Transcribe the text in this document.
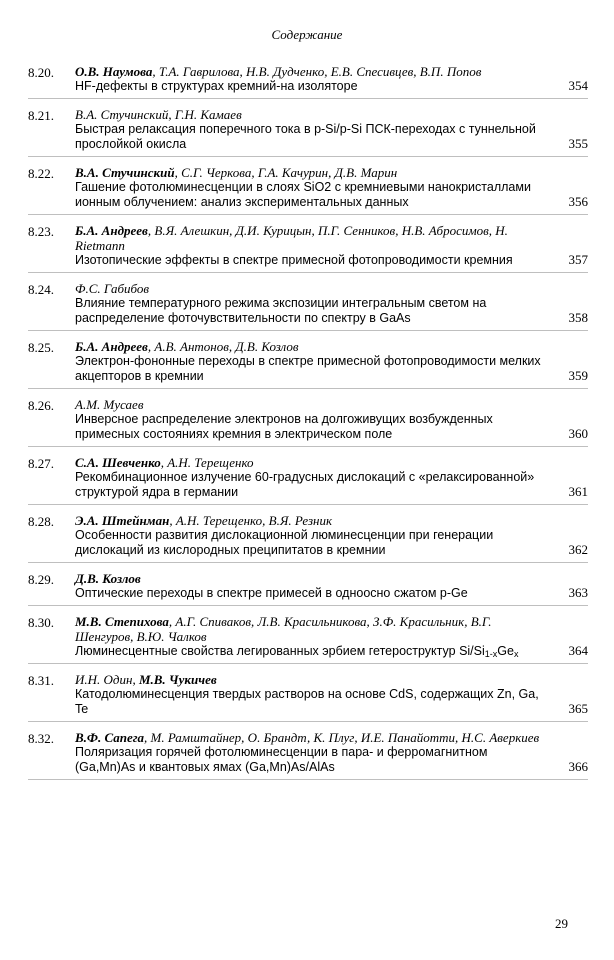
Содержание
8.20.	О.В. Наумова, Т.А. Гаврилова, Н.В. Дудченко, Е.В. Спесивцев, В.П. Попов
HF-дефекты в структурах кремний-на изоляторе	354
8.21.	В.А. Стучинский, Г.Н. Камаев
Быстрая релаксация поперечного тока в p-Si/p-Si ПСК-переходах с туннельной прослойкой окисла	355
8.22.	В.А. Стучинский, С.Г. Черкова, Г.А. Качурин, Д.В. Марин
Гашение фотолюминесценции в слоях SiO2 с кремниевыми нанокристаллами ионным облучением: анализ экспериментальных данных	356
8.23.	Б.А. Андреев, В.Я. Алешкин, Д.И. Курицын, П.Г. Сенников, Н.В. Абросимов, H. Rietmann
Изотопические эффекты в спектре примесной фотопроводимости кремния	357
8.24.	Ф.С. Габибов
Влияние температурного режима экспозиции интегральным светом на распределение фоточувствительности по спектру в GaAs	358
8.25.	Б.А. Андреев, А.В. Антонов, Д.В. Козлов
Электрон-фононные переходы в спектре примесной фотопроводимости мелких акцепторов в кремнии	359
8.26.	А.М. Мусаев
Инверсное распределение электронов на долгоживущих возбужденных примесных состояниях кремния в электрическом поле	360
8.27.	С.А. Шевченко, А.Н. Терещенко
Рекомбинационное излучение 60-градусных дислокаций с «релаксированной» структурой ядра в германии	361
8.28.	Э.А. Штейнман, А.Н. Терещенко, В.Я. Резник
Особенности развития дислокационной люминесценции при генерации дислокаций из кислородных преципитатов в кремнии	362
8.29.	Д.В. Козлов
Оптические переходы в спектре примесей в одноосно сжатом p-Ge	363
8.30.	М.В. Степихова, А.Г. Спиваков, Л.В. Красильникова, З.Ф. Красильник, В.Г. Шенгуров, В.Ю. Чалков
Люминесцентные свойства легированных эрбием гетероструктур $Si/Si_{1-x}Ge_x$	364
8.31.	И.Н. Один, М.В. Чукичев
Катодолюминесценция твердых растворов на основе CdS, содержащих Zn, Ga, Te	365
8.32.	В.Ф. Сапега, М. Рамштайнер, О. Брандт, К. Плуг, И.Е. Панайотти, Н.С. Аверкиев
Поляризация горячей фотолюминесценции в пара- и ферромагнитном (Ga,Mn)As и квантовых ямах (Ga,Mn)As/AlAs	366
29
